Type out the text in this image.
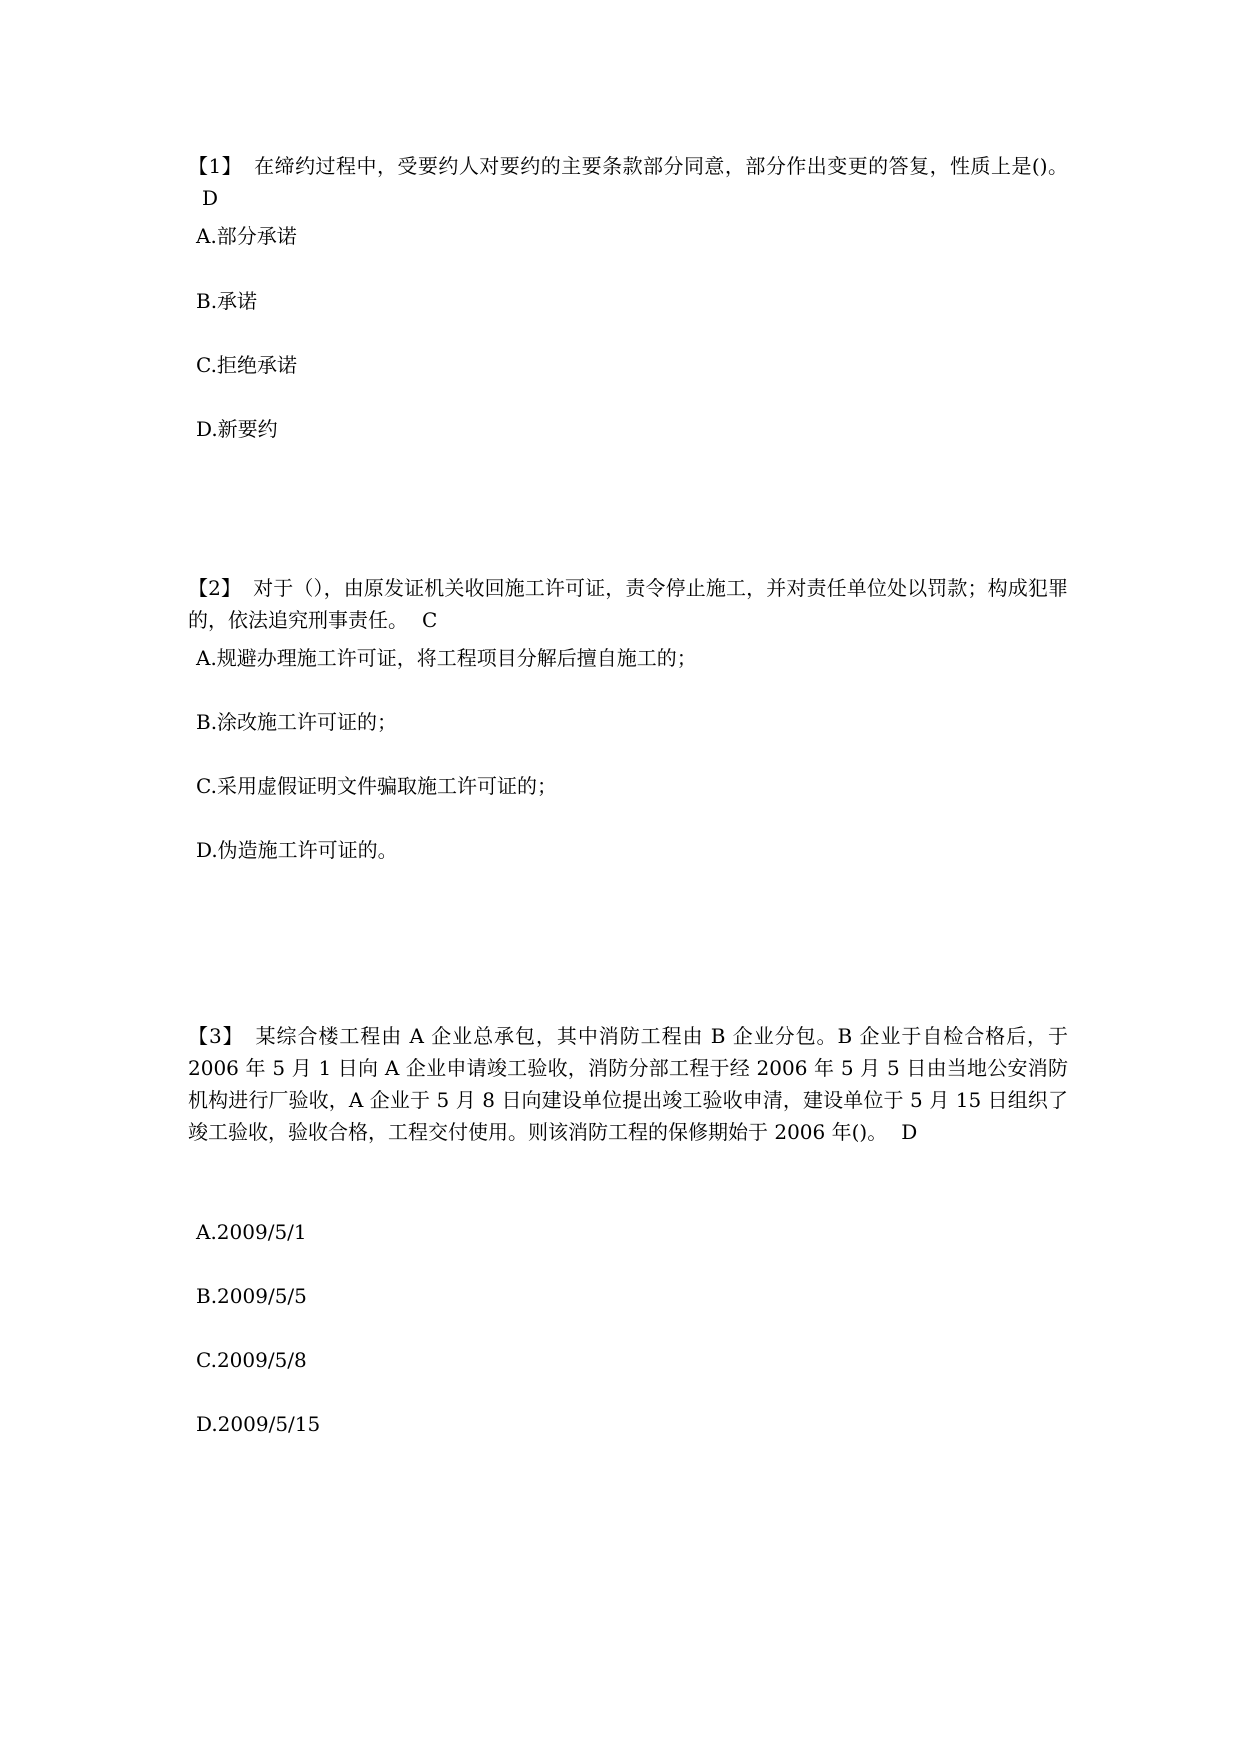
【1】 在缔约过程中，受要约人对要约的主要条款部分同意，部分作出变更的答复，性质上是()。D

A.部分承诺

B.承诺

C.拒绝承诺

D.新要约

【2】 对于（），由原发证机关收回施工许可证，责令停止施工，并对责任单位处以罚款；构成犯罪的，依法追究刑事责任。 C

A.规避办理施工许可证，将工程项目分解后擅自施工的；

B.涂改施工许可证的；

C.采用虚假证明文件骗取施工许可证的；

D.伪造施工许可证的。

【3】 某综合楼工程由 A 企业总承包，其中消防工程由 B 企业分包。B 企业于自检合格后，于 2006 年 5 月 1 日向 A 企业申请竣工验收，消防分部工程于经 2006 年 5 月 5 日由当地公安消防机构进行厂验收，A 企业于 5 月 8 日向建设单位提出竣工验收申清，建设单位于 5 月 15 日组织了竣工验收，验收合格，工程交付使用。则该消防工程的保修期始于 2006 年()。 D

A.2009/5/1

B.2009/5/5

C.2009/5/8

D.2009/5/15
